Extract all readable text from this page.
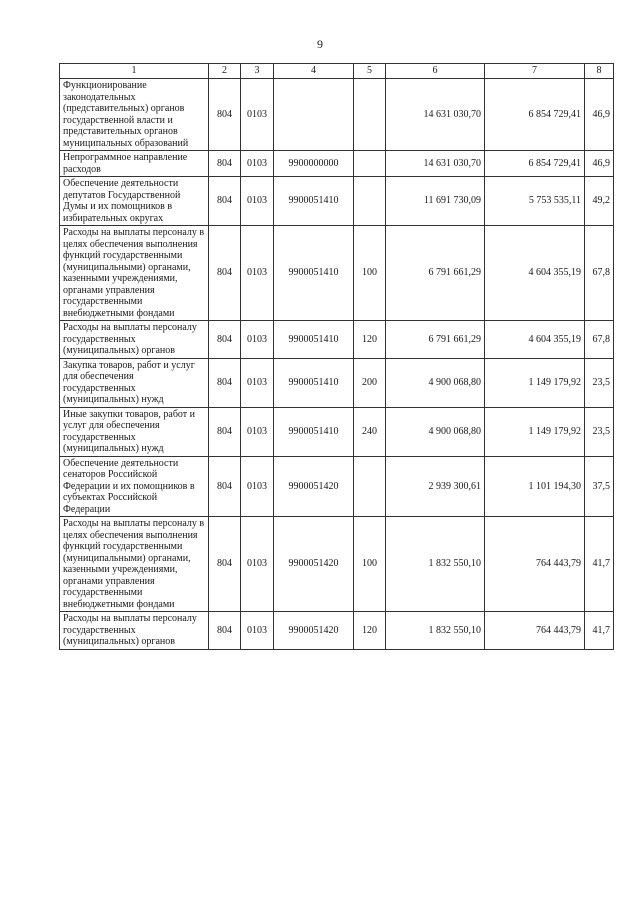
9
1	2	3	4	5	6	7	8
Функционирование законодательных (представительных) органов государственной власти и представительных органов муниципальных образований	804	0103			14 631 030,70	6 854 729,41	46,9
Непрограммное направление расходов	804	0103	9900000000		14 631 030,70	6 854 729,41	46,9
Обеспечение деятельности депутатов Государственной Думы и их помощников в избирательных округах	804	0103	9900051410		11 691 730,09	5 753 535,11	49,2
Расходы на выплаты персоналу в целях обеспечения выполнения функций государственными (муниципальными) органами, казенными учреждениями, органами управления государственными внебюджетными фондами	804	0103	9900051410	100	6 791 661,29	4 604 355,19	67,8
Расходы на выплаты персоналу государственных (муниципальных) органов	804	0103	9900051410	120	6 791 661,29	4 604 355,19	67,8
Закупка товаров, работ и услуг для обеспечения государственных (муниципальных) нужд	804	0103	9900051410	200	4 900 068,80	1 149 179,92	23,5
Иные закупки товаров, работ и услуг для обеспечения государственных (муниципальных) нужд	804	0103	9900051410	240	4 900 068,80	1 149 179,92	23,5
Обеспечение деятельности сенаторов Российской Федерации и их помощников в субъектах Российской Федерации	804	0103	9900051420		2 939 300,61	1 101 194,30	37,5
Расходы на выплаты персоналу в целях обеспечения выполнения функций государственными (муниципальными) органами, казенными учреждениями, органами управления государственными внебюджетными фондами	804	0103	9900051420	100	1 832 550,10	764 443,79	41,7
Расходы на выплаты персоналу государственных (муниципальных) органов	804	0103	9900051420	120	1 832 550,10	764 443,79	41,7
